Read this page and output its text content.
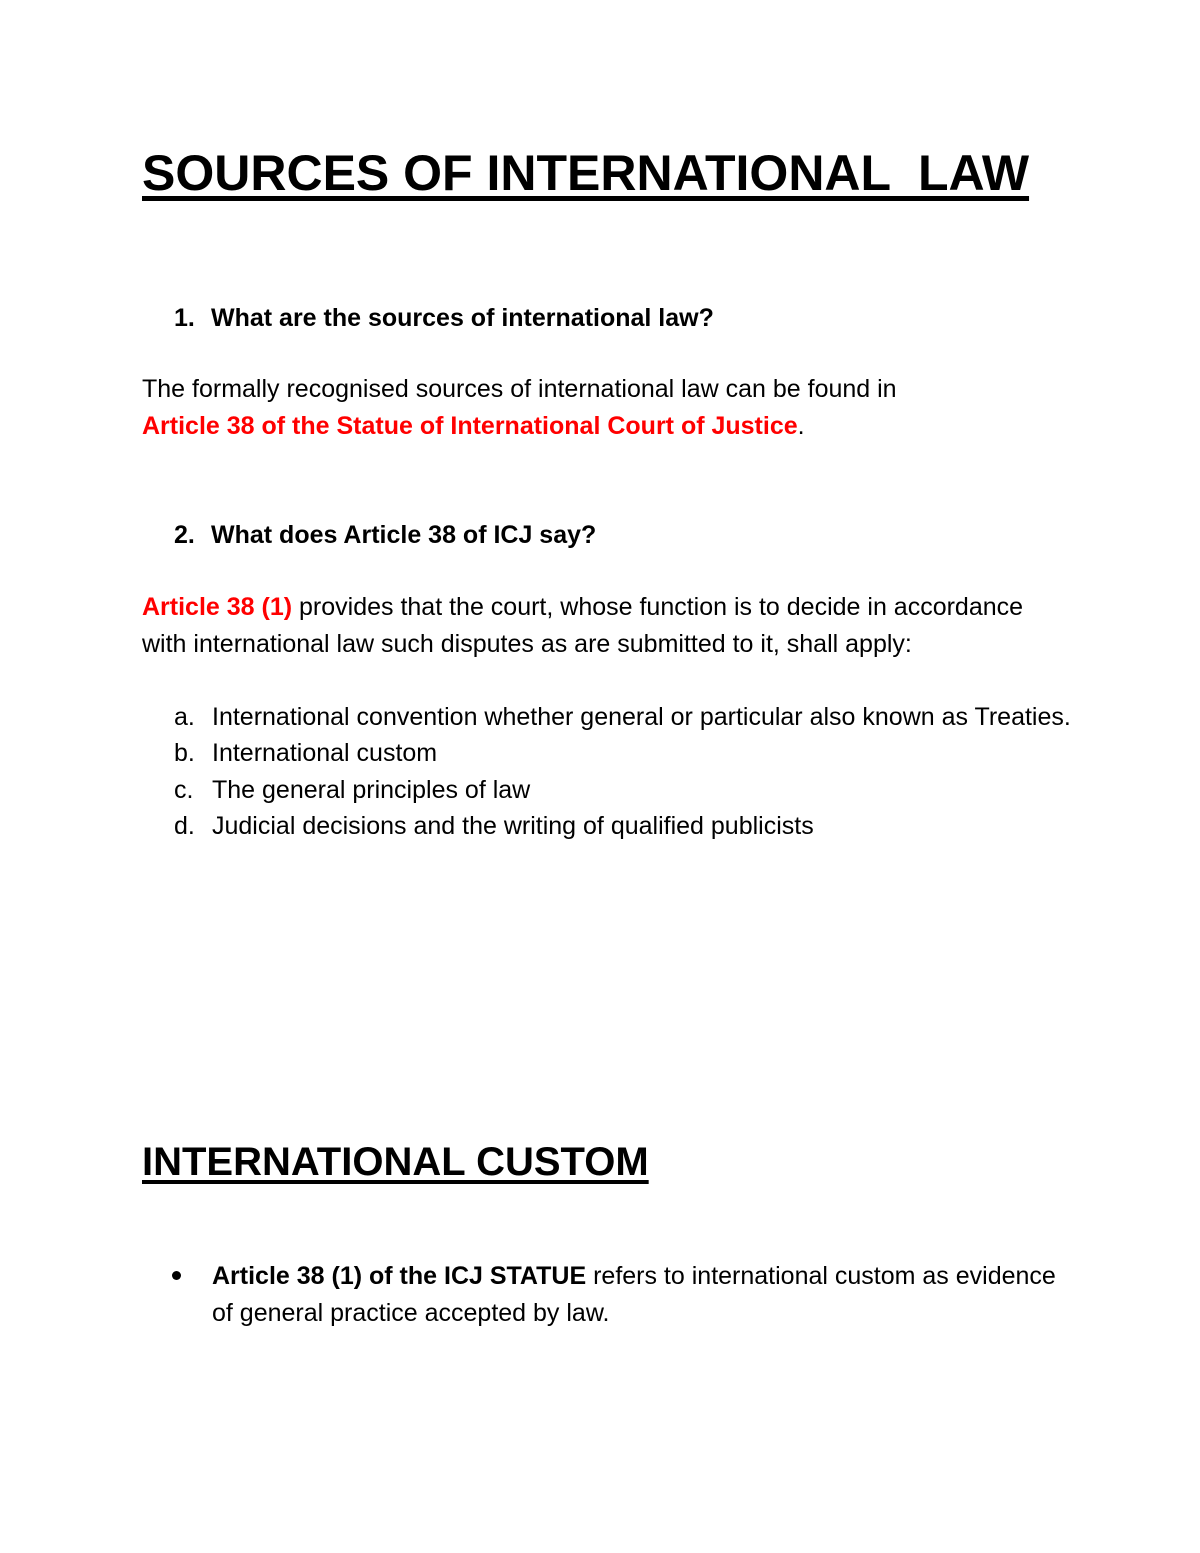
SOURCES OF INTERNATIONAL  LAW

1. What are the sources of international law?

The formally recognised sources of international law can be found in
Article 38 of the Statue of International Court of Justice.

2. What does Article 38 of ICJ say?

Article 38 (1) provides that the court, whose function is to decide in accordance with international law such disputes as are submitted to it, shall apply:

a. International convention whether general or particular also known as Treaties.
b. International custom
c. The general principles of law
d. Judicial decisions and the writing of qualified publicists
INTERNATIONAL CUSTOM
Article 38 (1) of the ICJ STATUE refers to international custom as evidence of general practice accepted by law.
